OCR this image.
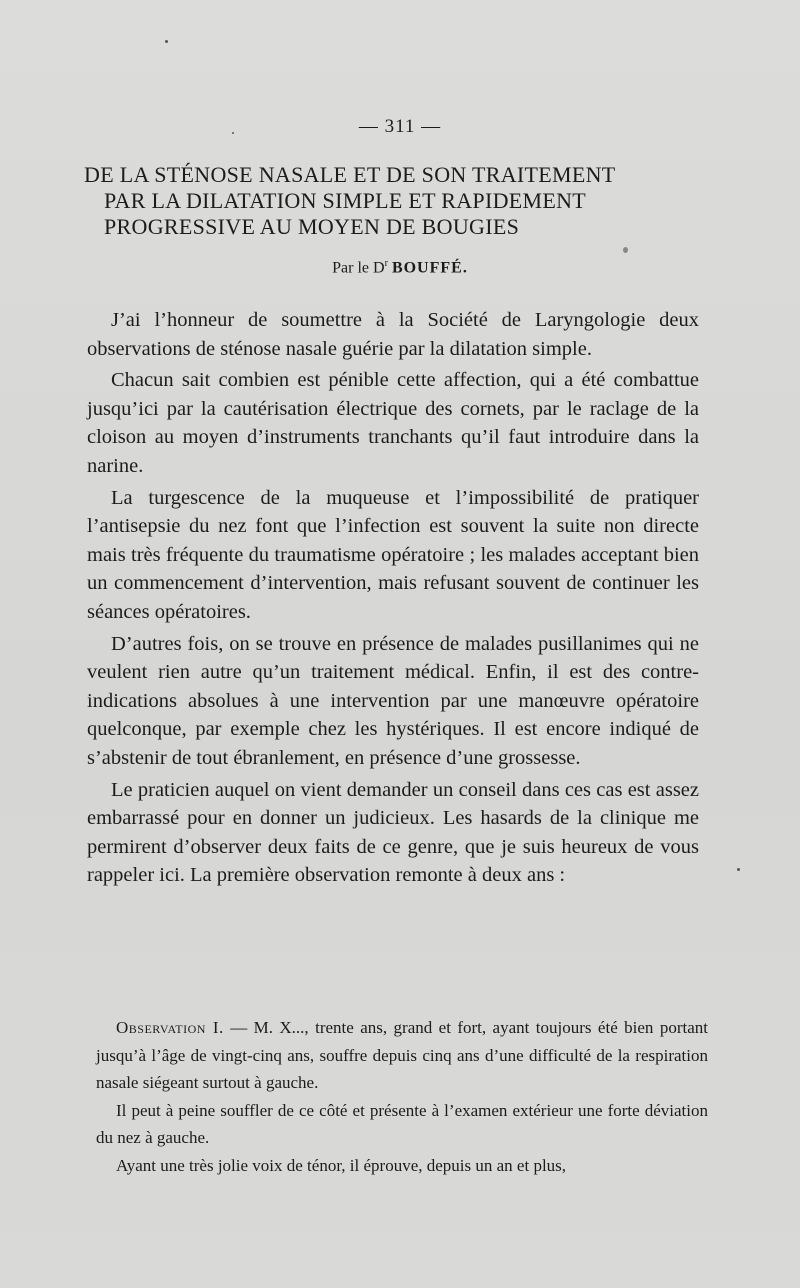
— 311 —
DE LA STÉNOSE NASALE ET DE SON TRAITEMENT
PAR LA DILATATION SIMPLE ET RAPIDEMENT
PROGRESSIVE AU MOYEN DE BOUGIES
Par le $D^r$ BOUFFÉ.

J’ai l’honneur de soumettre à la Société de Laryngologie deux observations de sténose nasale guérie par la dilatation simple.

Chacun sait combien est pénible cette affection, qui a été combattue jusqu’ici par la cautérisation électrique des cornets, par le raclage de la cloison au moyen d’instruments tranchants qu’il faut introduire dans la narine.

La turgescence de la muqueuse et l’impossibilité de pratiquer l’antisepsie du nez font que l’infection est souvent la suite non directe mais très fréquente du traumatisme opératoire ; les malades acceptant bien un commencement d’intervention, mais refusant souvent de continuer les séances opératoires.

D’autres fois, on se trouve en présence de malades pusillanimes qui ne veulent rien autre qu’un traitement médical. Enfin, il est des contre-indications absolues à une intervention par une manœuvre opératoire quelconque, par exemple chez les hystériques. Il est encore indiqué de s’abstenir de tout ébranlement, en présence d’une grossesse.

Le praticien auquel on vient demander un conseil dans ces cas est assez embarrassé pour en donner un judicieux. Les hasards de la clinique me permirent d’observer deux faits de ce genre, que je suis heureux de vous rappeler ici. La première observation remonte à deux ans :

Observation I. — M. X..., trente ans, grand et fort, ayant toujours été bien portant jusqu’à l’âge de vingt-cinq ans, souffre depuis cinq ans d’une difficulté de la respiration nasale siégeant surtout à gauche.

Il peut à peine souffler de ce côté et présente à l’examen extérieur une forte déviation du nez à gauche.

Ayant une très jolie voix de ténor, il éprouve, depuis un an et plus,
